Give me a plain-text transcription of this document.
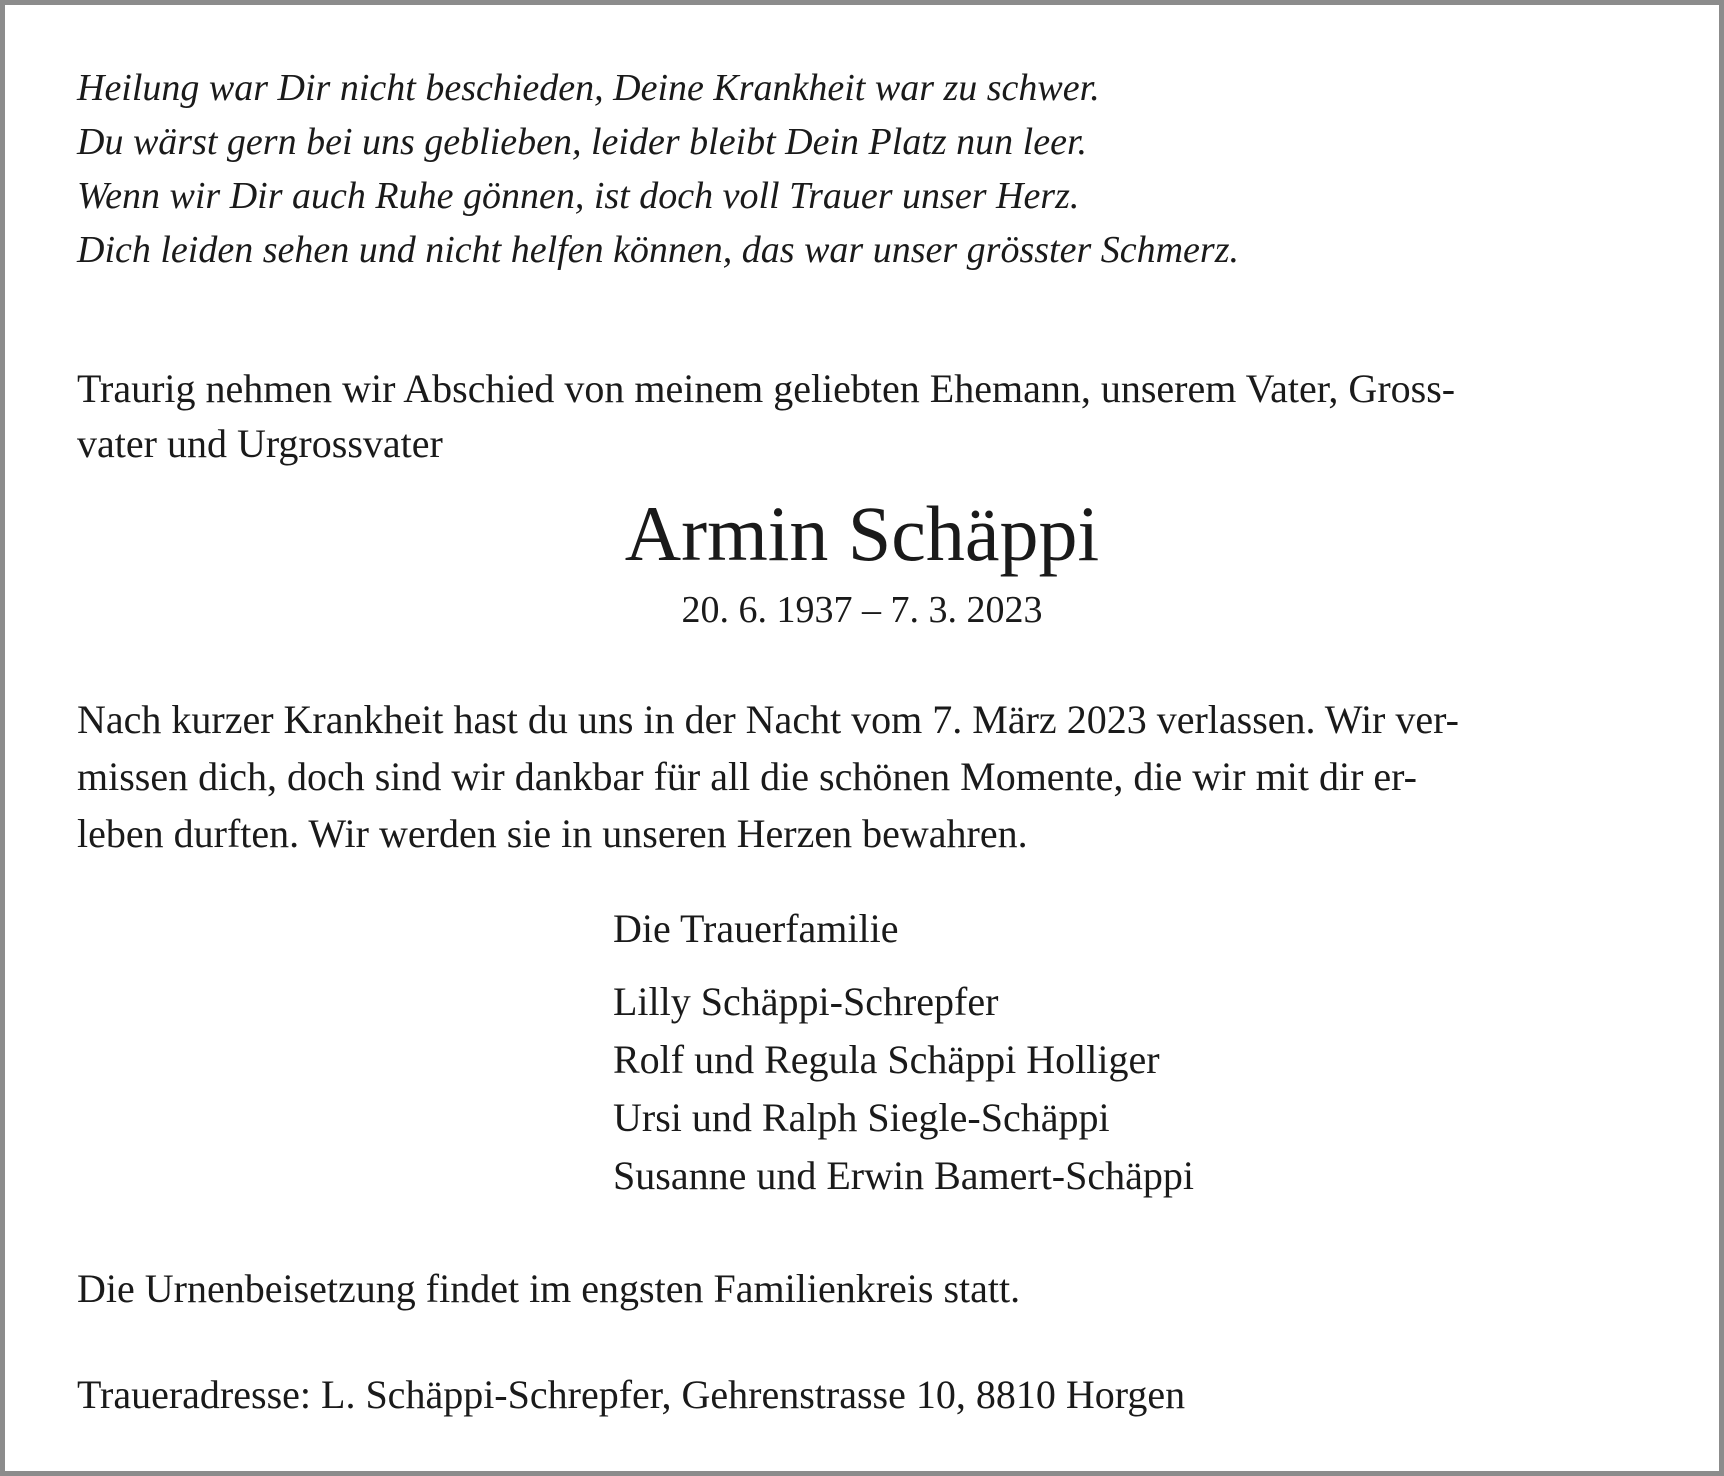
Heilung war Dir nicht beschieden, Deine Krankheit war zu schwer.
Du wärst gern bei uns geblieben, leider bleibt Dein Platz nun leer.
Wenn wir Dir auch Ruhe gönnen, ist doch voll Trauer unser Herz.
Dich leiden sehen und nicht helfen können, das war unser grösster Schmerz.

Traurig nehmen wir Abschied von meinem geliebten Ehemann, unserem Vater, Gross-
vater und Urgrossvater

Armin Schäppi

20. 6. 1937 – 7. 3. 2023

Nach kurzer Krankheit hast du uns in der Nacht vom 7. März 2023 verlassen. Wir ver-
missen dich, doch sind wir dankbar für all die schönen Momente, die wir mit dir er-
leben durften. Wir werden sie in unseren Herzen bewahren.

Die Trauerfamilie
Lilly Schäppi-Schrepfer
Rolf und Regula Schäppi Holliger
Ursi und Ralph Siegle-Schäppi
Susanne und Erwin Bamert-Schäppi

Die Urnenbeisetzung findet im engsten Familienkreis statt.

Traueradresse: L. Schäppi-Schrepfer, Gehrenstrasse 10, 8810 Horgen
